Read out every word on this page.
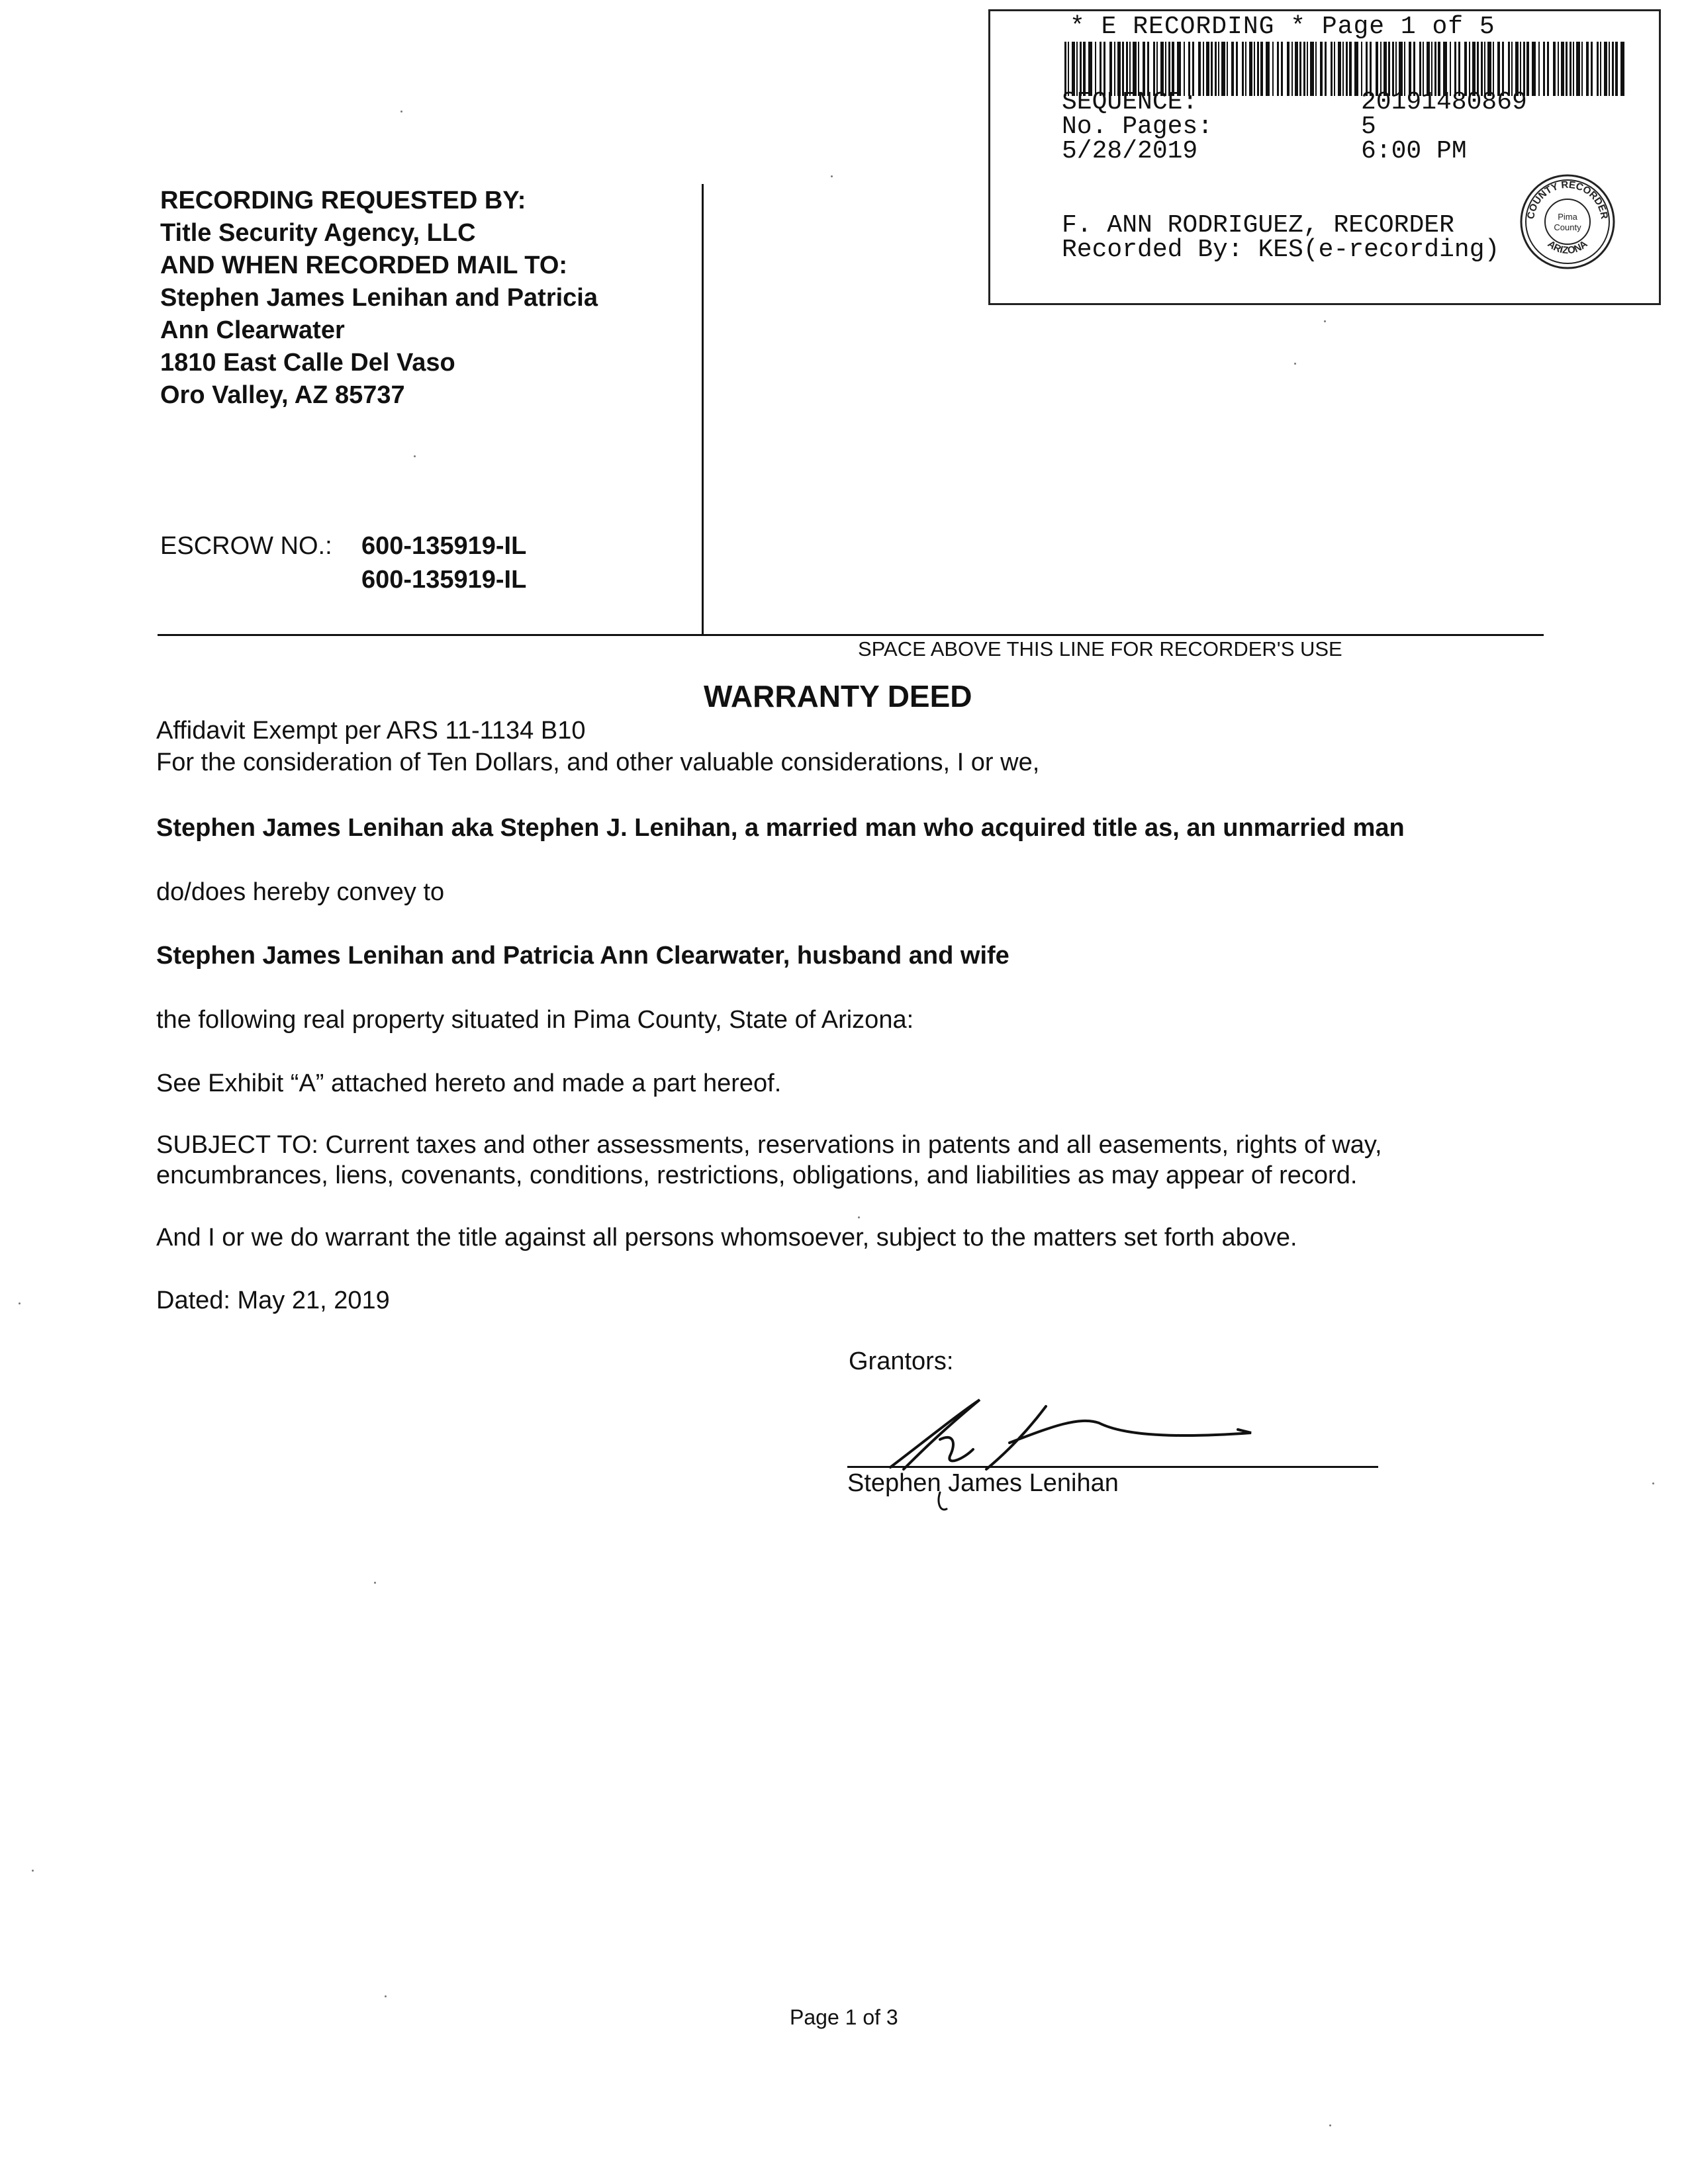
* E RECORDING * Page 1 of 5
SEQUENCE:	20191480869
No. Pages:	5
5/28/2019	6:00 PM
F. ANN RODRIGUEZ, RECORDER
Recorded By: KES(e-recording)
COUNTY RECORDER
ARIZONA
Pima
County
RECORDING REQUESTED BY:
Title Security Agency, LLC
AND WHEN RECORDED MAIL TO:
Stephen James Lenihan and Patricia
Ann Clearwater
1810 East Calle Del Vaso
Oro Valley, AZ 85737
ESCROW NO.: 600-135919-IL
600-135919-IL
SPACE ABOVE THIS LINE FOR RECORDER'S USE
WARRANTY DEED
Affidavit Exempt per ARS 11-1134 B10
For the consideration of Ten Dollars, and other valuable considerations, I or we,
Stephen James Lenihan aka Stephen J. Lenihan, a married man who acquired title as, an unmarried man
do/does hereby convey to
Stephen James Lenihan and Patricia Ann Clearwater, husband and wife
the following real property situated in Pima County, State of Arizona:
See Exhibit “A” attached hereto and made a part hereof.
SUBJECT TO: Current taxes and other assessments, reservations in patents and all easements, rights of way,
encumbrances, liens, covenants, conditions, restrictions, obligations, and liabilities as may appear of record.
And I or we do warrant the title against all persons whomsoever, subject to the matters set forth above.
Dated: May 21, 2019
Grantors:
Stephen James Lenihan
Page 1 of 3
